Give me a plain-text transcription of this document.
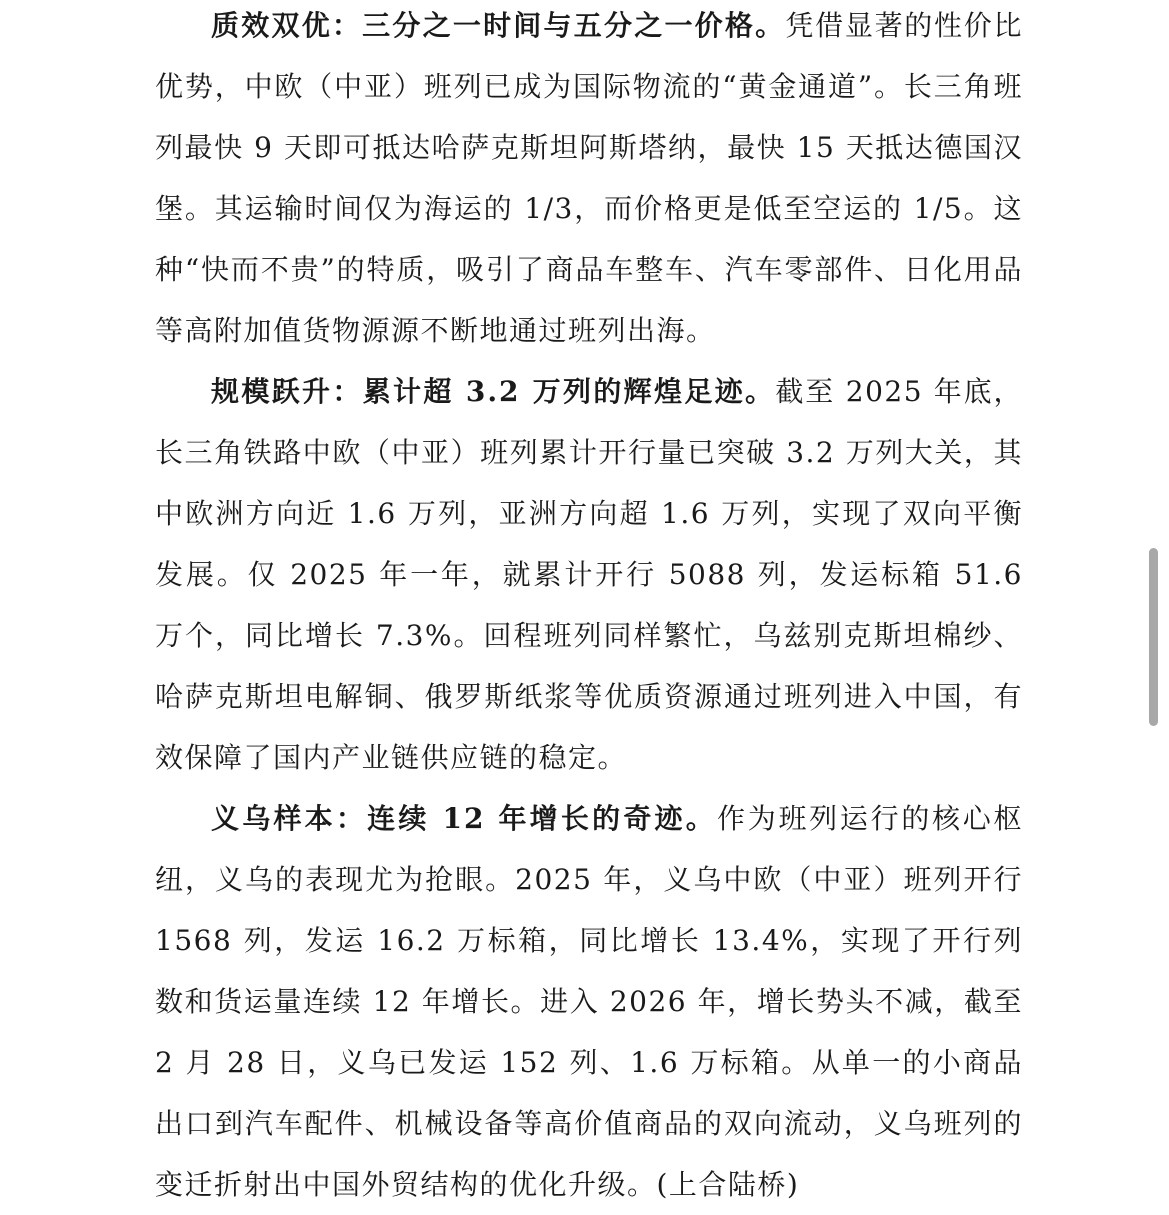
质效双优：三分之一时间与五分之一价格。凭借显著的性价比优势，中欧（中亚）班列已成为国际物流的“黄金通道”。长三角班列最快 9 天即可抵达哈萨克斯坦阿斯塔纳，最快 15 天抵达德国汉堡。其运输时间仅为海运的 1/3，而价格更是低至空运的 1/5。这种“快而不贵”的特质，吸引了商品车整车、汽车零部件、日化用品等高附加值货物源源不断地通过班列出海。

规模跃升：累计超 3.2 万列的辉煌足迹。截至 2025 年底，长三角铁路中欧（中亚）班列累计开行量已突破 3.2 万列大关，其中欧洲方向近 1.6 万列，亚洲方向超 1.6 万列，实现了双向平衡发展。仅 2025 年一年，就累计开行 5088 列，发运标箱 51.6 万个，同比增长 7.3%。回程班列同样繁忙，乌兹别克斯坦棉纱、哈萨克斯坦电解铜、俄罗斯纸浆等优质资源通过班列进入中国，有效保障了国内产业链供应链的稳定。

义乌样本：连续 12 年增长的奇迹。作为班列运行的核心枢纽，义乌的表现尤为抢眼。2025 年，义乌中欧（中亚）班列开行 1568 列，发运 16.2 万标箱，同比增长 13.4%，实现了开行列数和货运量连续 12 年增长。进入 2026 年，增长势头不减，截至 2 月 28 日，义乌已发运 152 列、1.6 万标箱。从单一的小商品出口到汽车配件、机械设备等高价值商品的双向流动，义乌班列的变迁折射出中国外贸结构的优化升级。(上合陆桥)
